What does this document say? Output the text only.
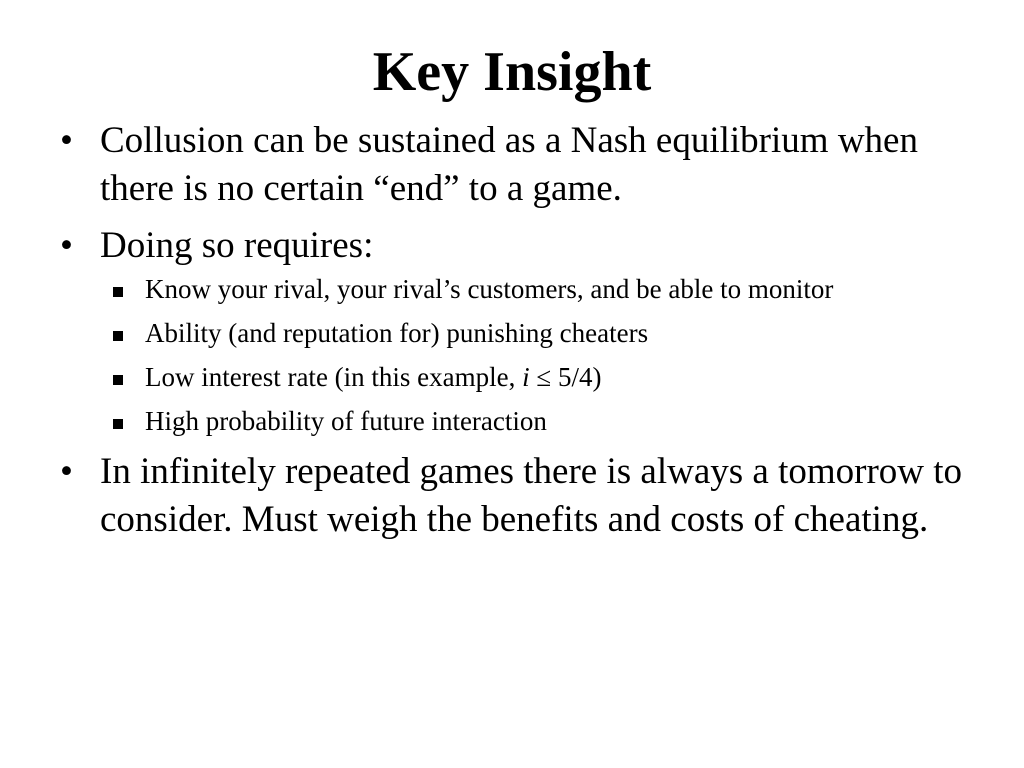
Key Insight
• Collusion can be sustained as a Nash equilibrium when there is no certain “end” to a game.
• Doing so requires:
Know your rival, your rival’s customers, and be able to monitor
Ability (and reputation for) punishing cheaters
Low interest rate (in this example, i ≤ 5/4)
High probability of future interaction
• In infinitely repeated games there is always a tomorrow to consider. Must weigh the benefits and costs of cheating.
